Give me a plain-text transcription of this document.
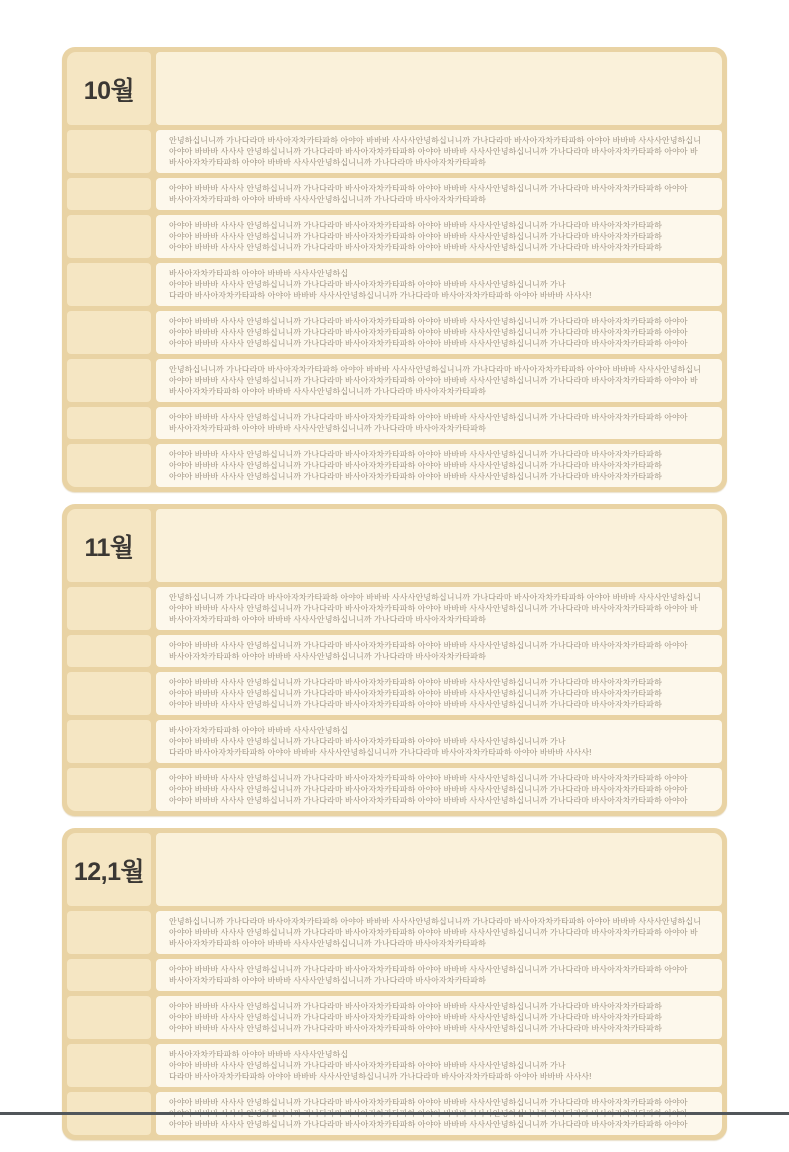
10월
안녕하십니니까 가나다라마 바사아자차카타파하 아야아 바바바 사사사안녕하십니니까 가나다라마 바사아자차카타파하 아야아 바바바 사사사안녕하십니
아야아 바바바 사사사 안녕하십니니까 가나다라마 바사아자차카타파하 아야아 바바바 사사사안녕하십니니까 가나다라마 바사아자차카타파하 아야아 바
바사아자차카타파하 아야아 바바바 사사사안녕하십니니까 가나다라마 바사아자차카타파하
아야아 바바바 사사사 안녕하십니니까 가나다라마 바사아자차카타파하 아야아 바바바 사사사안녕하십니니까 가나다라마 바사아자차카타파하 아야아
바사아자차카타파하 아야아 바바바 사사사안녕하십니니까 가나다라마 바사아자차카타파하
아야아 바바바 사사사 안녕하십니니까 가나다라마 바사아자차카타파하 아야아 바바바 사사사안녕하십니니까 가나다라마 바사아자차카타파하
아야아 바바바 사사사 안녕하십니니까 가나다라마 바사아자차카타파하 아야아 바바바 사사사안녕하십니니까 가나다라마 바사아자차카타파하
아야아 바바바 사사사 안녕하십니니까 가나다라마 바사아자차카타파하 아야아 바바바 사사사안녕하십니니까 가나다라마 바사아자차카타파하
바사아자차카타파하 아야아 바바바 사사사안녕하십
아야아 바바바 사사사 안녕하십니니까 가나다라마 바사아자차카타파하 아야아 바바바 사사사안녕하십니니까 가나
다라마 바사아자차카타파하 아야아 바바바 사사사안녕하십니니까 가나다라마 바사아자차카타파하 아야아 바바바 사사사!
아야아 바바바 사사사 안녕하십니니까 가나다라마 바사아자차카타파하 아야아 바바바 사사사안녕하십니니까 가나다라마 바사아자차카타파하 아야아
아야아 바바바 사사사 안녕하십니니까 가나다라마 바사아자차카타파하 아야아 바바바 사사사안녕하십니니까 가나다라마 바사아자차카타파하 아야아
아야아 바바바 사사사 안녕하십니니까 가나다라마 바사아자차카타파하 아야아 바바바 사사사안녕하십니니까 가나다라마 바사아자차카타파하 아야아
안녕하십니니까 가나다라마 바사아자차카타파하 아야아 바바바 사사사안녕하십니니까 가나다라마 바사아자차카타파하 아야아 바바바 사사사안녕하십니
아야아 바바바 사사사 안녕하십니니까 가나다라마 바사아자차카타파하 아야아 바바바 사사사안녕하십니니까 가나다라마 바사아자차카타파하 아야아 바
바사아자차카타파하 아야아 바바바 사사사안녕하십니니까 가나다라마 바사아자차카타파하
아야아 바바바 사사사 안녕하십니니까 가나다라마 바사아자차카타파하 아야아 바바바 사사사안녕하십니니까 가나다라마 바사아자차카타파하 아야아
바사아자차카타파하 아야아 바바바 사사사안녕하십니니까 가나다라마 바사아자차카타파하
아야아 바바바 사사사 안녕하십니니까 가나다라마 바사아자차카타파하 아야아 바바바 사사사안녕하십니니까 가나다라마 바사아자차카타파하
아야아 바바바 사사사 안녕하십니니까 가나다라마 바사아자차카타파하 아야아 바바바 사사사안녕하십니니까 가나다라마 바사아자차카타파하
아야아 바바바 사사사 안녕하십니니까 가나다라마 바사아자차카타파하 아야아 바바바 사사사안녕하십니니까 가나다라마 바사아자차카타파하
11월
안녕하십니니까 가나다라마 바사아자차카타파하 아야아 바바바 사사사안녕하십니니까 가나다라마 바사아자차카타파하 아야아 바바바 사사사안녕하십니
아야아 바바바 사사사 안녕하십니니까 가나다라마 바사아자차카타파하 아야아 바바바 사사사안녕하십니니까 가나다라마 바사아자차카타파하 아야아 바
바사아자차카타파하 아야아 바바바 사사사안녕하십니니까 가나다라마 바사아자차카타파하
아야아 바바바 사사사 안녕하십니니까 가나다라마 바사아자차카타파하 아야아 바바바 사사사안녕하십니니까 가나다라마 바사아자차카타파하 아야아
바사아자차카타파하 아야아 바바바 사사사안녕하십니니까 가나다라마 바사아자차카타파하
아야아 바바바 사사사 안녕하십니니까 가나다라마 바사아자차카타파하 아야아 바바바 사사사안녕하십니니까 가나다라마 바사아자차카타파하
아야아 바바바 사사사 안녕하십니니까 가나다라마 바사아자차카타파하 아야아 바바바 사사사안녕하십니니까 가나다라마 바사아자차카타파하
아야아 바바바 사사사 안녕하십니니까 가나다라마 바사아자차카타파하 아야아 바바바 사사사안녕하십니니까 가나다라마 바사아자차카타파하
바사아자차카타파하 아야아 바바바 사사사안녕하십
아야아 바바바 사사사 안녕하십니니까 가나다라마 바사아자차카타파하 아야아 바바바 사사사안녕하십니니까 가나
다라마 바사아자차카타파하 아야아 바바바 사사사안녕하십니니까 가나다라마 바사아자차카타파하 아야아 바바바 사사사!
아야아 바바바 사사사 안녕하십니니까 가나다라마 바사아자차카타파하 아야아 바바바 사사사안녕하십니니까 가나다라마 바사아자차카타파하 아야아
아야아 바바바 사사사 안녕하십니니까 가나다라마 바사아자차카타파하 아야아 바바바 사사사안녕하십니니까 가나다라마 바사아자차카타파하 아야아
아야아 바바바 사사사 안녕하십니니까 가나다라마 바사아자차카타파하 아야아 바바바 사사사안녕하십니니까 가나다라마 바사아자차카타파하 아야아
12,1월
안녕하십니니까 가나다라마 바사아자차카타파하 아야아 바바바 사사사안녕하십니니까 가나다라마 바사아자차카타파하 아야아 바바바 사사사안녕하십니
아야아 바바바 사사사 안녕하십니니까 가나다라마 바사아자차카타파하 아야아 바바바 사사사안녕하십니니까 가나다라마 바사아자차카타파하 아야아 바
바사아자차카타파하 아야아 바바바 사사사안녕하십니니까 가나다라마 바사아자차카타파하
아야아 바바바 사사사 안녕하십니니까 가나다라마 바사아자차카타파하 아야아 바바바 사사사안녕하십니니까 가나다라마 바사아자차카타파하 아야아
바사아자차카타파하 아야아 바바바 사사사안녕하십니니까 가나다라마 바사아자차카타파하
아야아 바바바 사사사 안녕하십니니까 가나다라마 바사아자차카타파하 아야아 바바바 사사사안녕하십니니까 가나다라마 바사아자차카타파하
아야아 바바바 사사사 안녕하십니니까 가나다라마 바사아자차카타파하 아야아 바바바 사사사안녕하십니니까 가나다라마 바사아자차카타파하
아야아 바바바 사사사 안녕하십니니까 가나다라마 바사아자차카타파하 아야아 바바바 사사사안녕하십니니까 가나다라마 바사아자차카타파하
바사아자차카타파하 아야아 바바바 사사사안녕하십
아야아 바바바 사사사 안녕하십니니까 가나다라마 바사아자차카타파하 아야아 바바바 사사사안녕하십니니까 가나
다라마 바사아자차카타파하 아야아 바바바 사사사안녕하십니니까 가나다라마 바사아자차카타파하 아야아 바바바 사사사!
아야아 바바바 사사사 안녕하십니니까 가나다라마 바사아자차카타파하 아야아 바바바 사사사안녕하십니니까 가나다라마 바사아자차카타파하 아야아
아야아 바바바 사사사 안녕하십니니까 가나다라마 바사아자차카타파하 아야아 바바바 사사사안녕하십니니까 가나다라마 바사아자차카타파하 아야아
